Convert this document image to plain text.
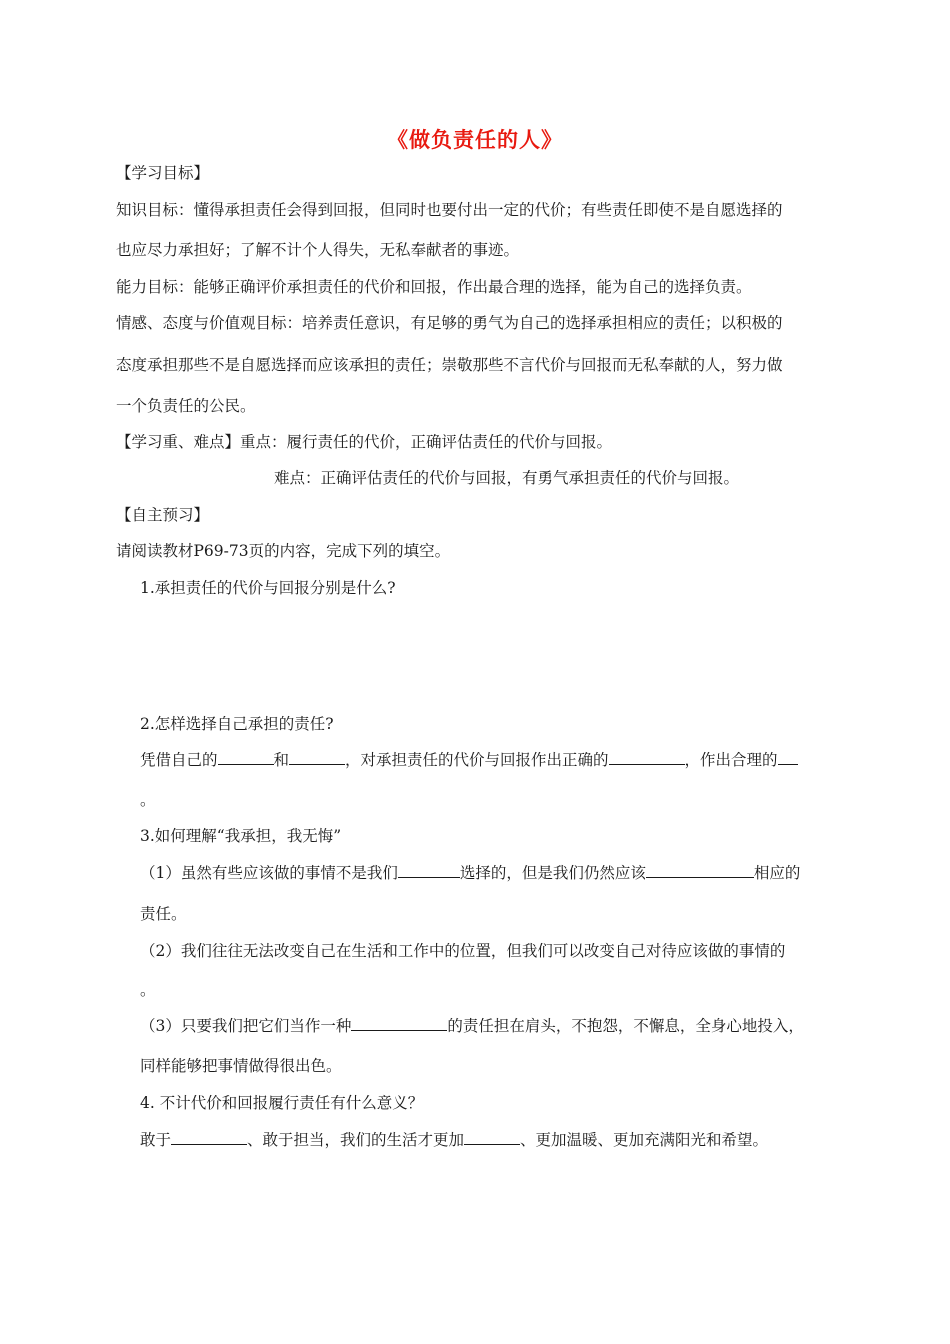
《做负责任的人》
【学习目标】
知识目标：懂得承担责任会得到回报，但同时也要付出一定的代价；有些责任即使不是自愿选择的
也应尽力承担好；了解不计个人得失，无私奉献者的事迹。
能力目标：能够正确评价承担责任的代价和回报，作出最合理的选择，能为自己的选择负责。
情感、态度与价值观目标：培养责任意识，有足够的勇气为自己的选择承担相应的责任；以积极的
态度承担那些不是自愿选择而应该承担的责任；崇敬那些不言代价与回报而无私奉献的人，努力做
一个负责任的公民。
【学习重、难点】重点：履行责任的代价，正确评估责任的代价与回报。
难点：正确评估责任的代价与回报，有勇气承担责任的代价与回报。
【自主预习】
请阅读教材P69-73页的内容，完成下列的填空。
1.承担责任的代价与回报分别是什么?
2.怎样选择自己承担的责任?
凭借自己的	和	，对承担责任的代价与回报作出正确的	，作出合理的
。
3.如何理解“我承担，我无悔”
（1）虽然有些应该做的事情不是我们	选择的，但是我们仍然应该	相应的
责任。
（2）我们往往无法改变自己在生活和工作中的位置，但我们可以改变自己对待应该做的事情的
。
（3）只要我们把它们当作一种	的责任担在肩头，不抱怨，不懈息，全身心地投入，
同样能够把事情做得很出色。
4. 不计代价和回报履行责任有什么意义？
敢于	、敢于担当，我们的生活才更加	、更加温暖、更加充满阳光和希望。
